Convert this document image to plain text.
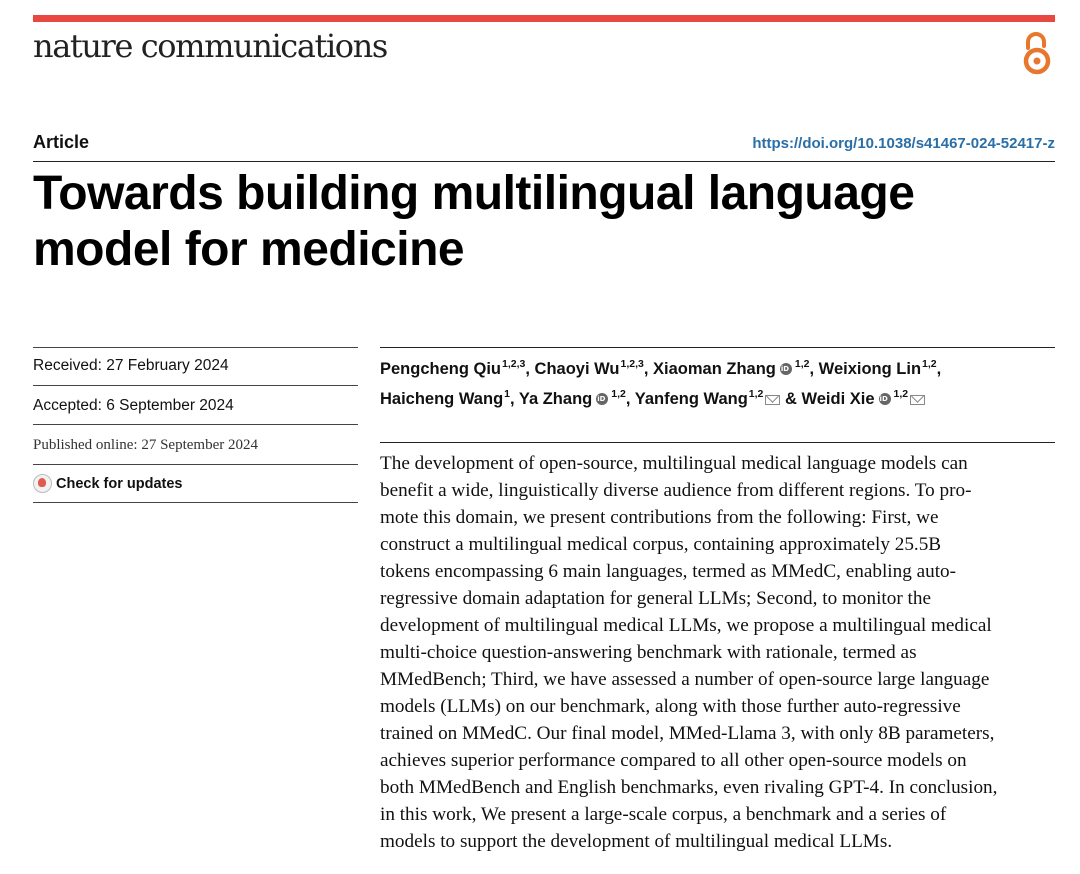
nature communications
Article	https://doi.org/10.1038/s41467-024-52417-z
Towards building multilingual language
model for medicine
Received: 27 February 2024
Accepted: 6 September 2024
Published online: 27 September 2024
Check for updates
Pengcheng Qiu$^{1,2,3}$, Chaoyi Wu$^{1,2,3}$, Xiaoman Zhang iD $^{1,2}$, Weixiong Lin$^{1,2}$,
Haicheng Wang$^1$, Ya Zhang iD $^{1,2}$, Yanfeng Wang$^{1,2}$ & Weidi Xie iD $^{1,2}$
The development of open-source, multilingual medical language models can
benefit a wide, linguistically diverse audience from different regions. To pro-
mote this domain, we present contributions from the following: First, we
construct a multilingual medical corpus, containing approximately 25.5B
tokens encompassing 6 main languages, termed as MMedC, enabling auto-
regressive domain adaptation for general LLMs; Second, to monitor the
development of multilingual medical LLMs, we propose a multilingual medical
multi-choice question-answering benchmark with rationale, termed as
MMedBench; Third, we have assessed a number of open-source large language
models (LLMs) on our benchmark, along with those further auto-regressive
trained on MMedC. Our final model, MMed-Llama 3, with only 8B parameters,
achieves superior performance compared to all other open-source models on
both MMedBench and English benchmarks, even rivaling GPT-4. In conclusion,
in this work, We present a large-scale corpus, a benchmark and a series of
models to support the development of multilingual medical LLMs.
